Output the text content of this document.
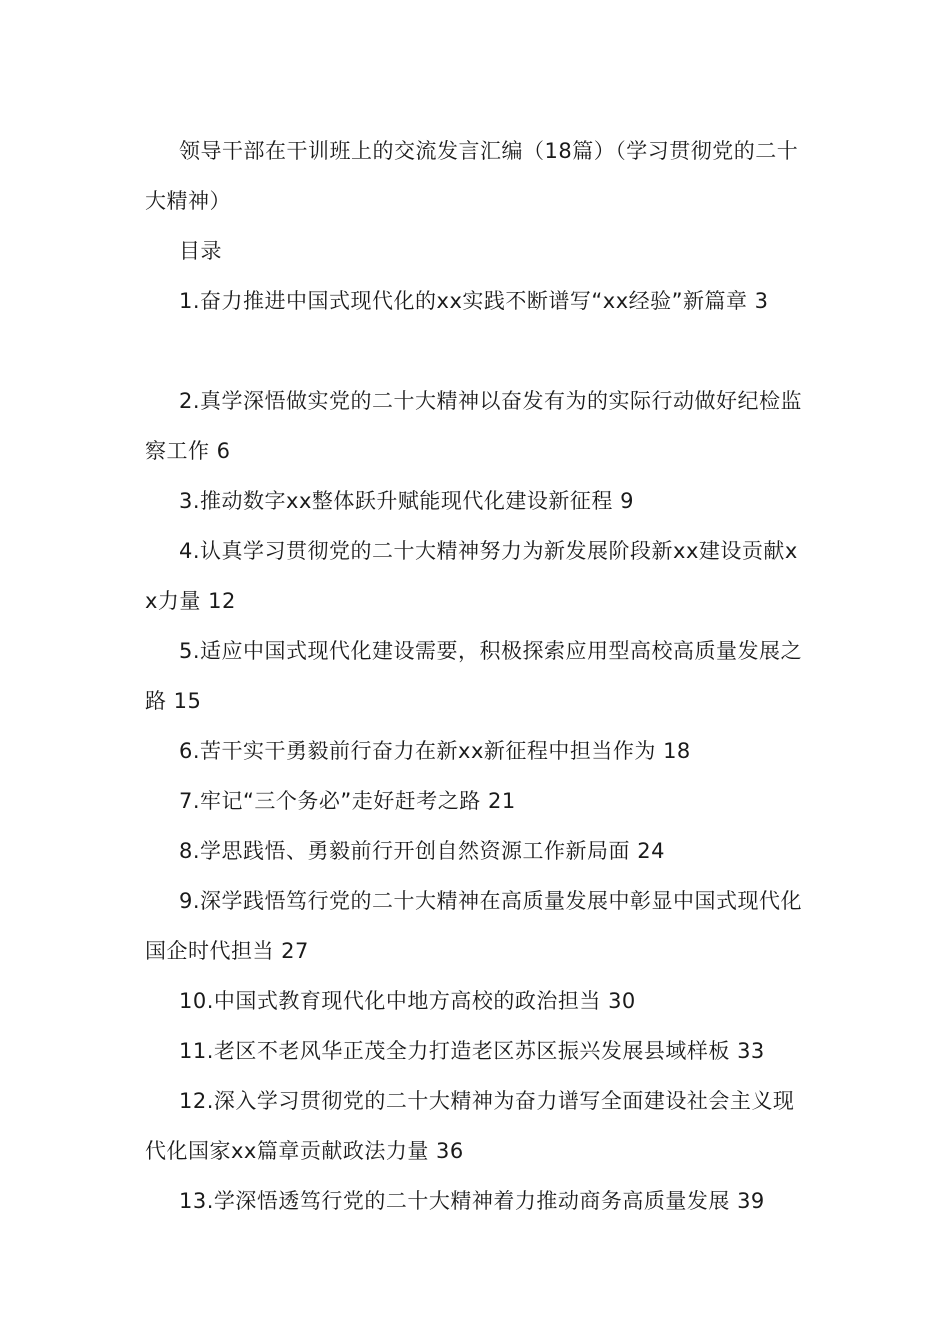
领导干部在干训班上的交流发言汇编（18篇）（学习贯彻党的二十大精神）
目录
1.奋力推进中国式现代化的xx实践不断谱写“xx经验”新篇章 3
2.真学深悟做实党的二十大精神以奋发有为的实际行动做好纪检监察工作 6
3.推动数字xx整体跃升赋能现代化建设新征程 9
4.认真学习贯彻党的二十大精神努力为新发展阶段新xx建设贡献xx力量 12
5.适应中国式现代化建设需要，积极探索应用型高校高质量发展之路 15
6.苦干实干勇毅前行奋力在新xx新征程中担当作为 18
7.牢记“三个务必”走好赶考之路 21
8.学思践悟、勇毅前行开创自然资源工作新局面 24
9.深学践悟笃行党的二十大精神在高质量发展中彰显中国式现代化国企时代担当 27
10.中国式教育现代化中地方高校的政治担当 30
11.老区不老风华正茂全力打造老区苏区振兴发展县域样板 33
12.深入学习贯彻党的二十大精神为奋力谱写全面建设社会主义现代化国家xx篇章贡献政法力量 36
13.学深悟透笃行党的二十大精神着力推动商务高质量发展 39
